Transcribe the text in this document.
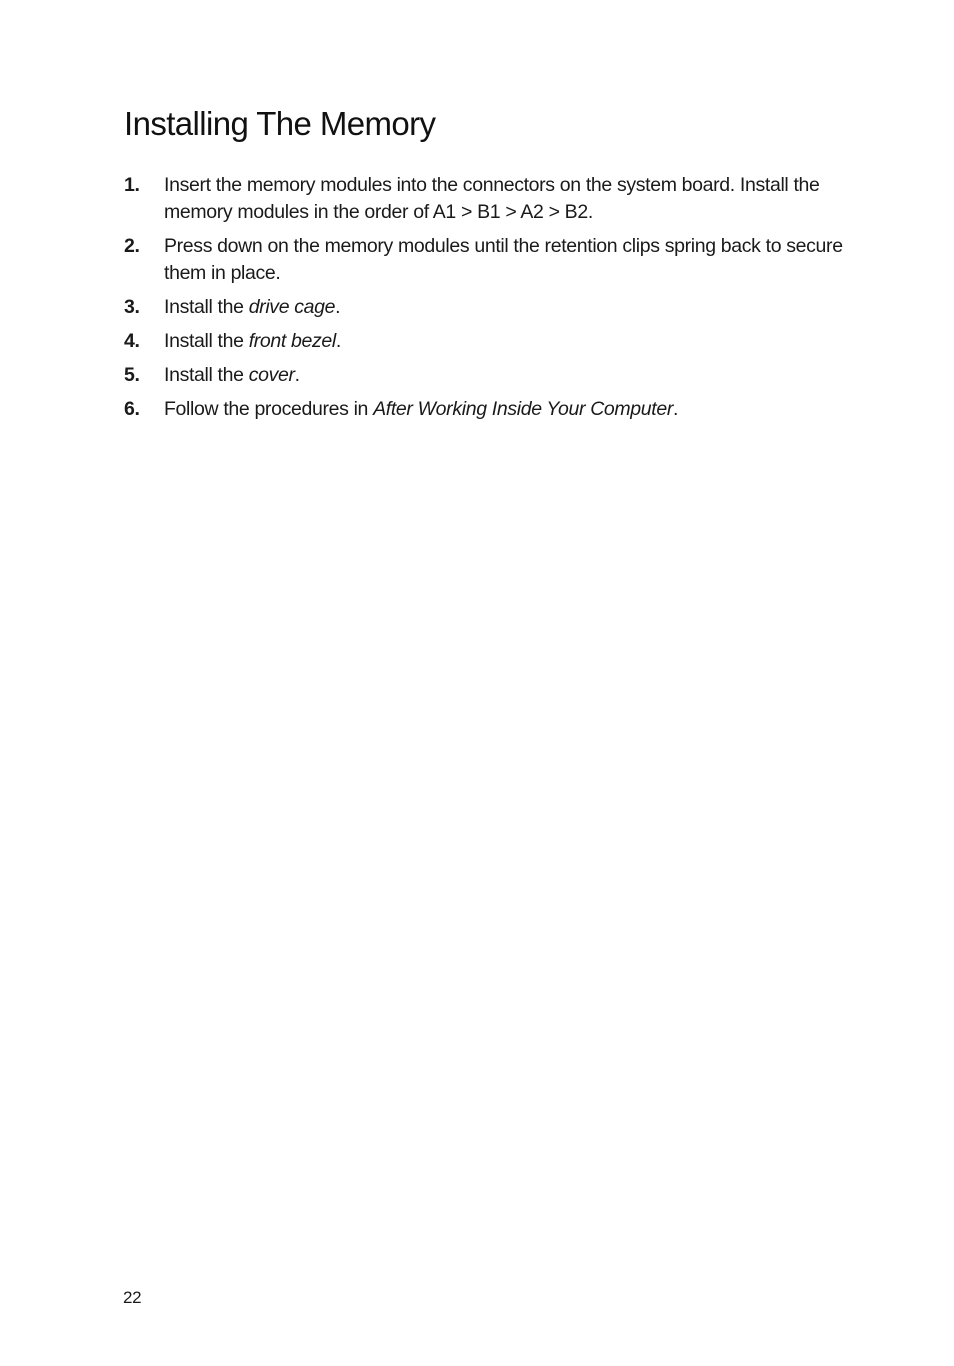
Installing The Memory
1.	Insert the memory modules into the connectors on the system board. Install the memory modules in the order of A1 > B1 > A2 > B2.
2.	Press down on the memory modules until the retention clips spring back to secure them in place.
3.	Install the drive cage.
4.	Install the front bezel.
5.	Install the cover.
6.	Follow the procedures in After Working Inside Your Computer.
22
